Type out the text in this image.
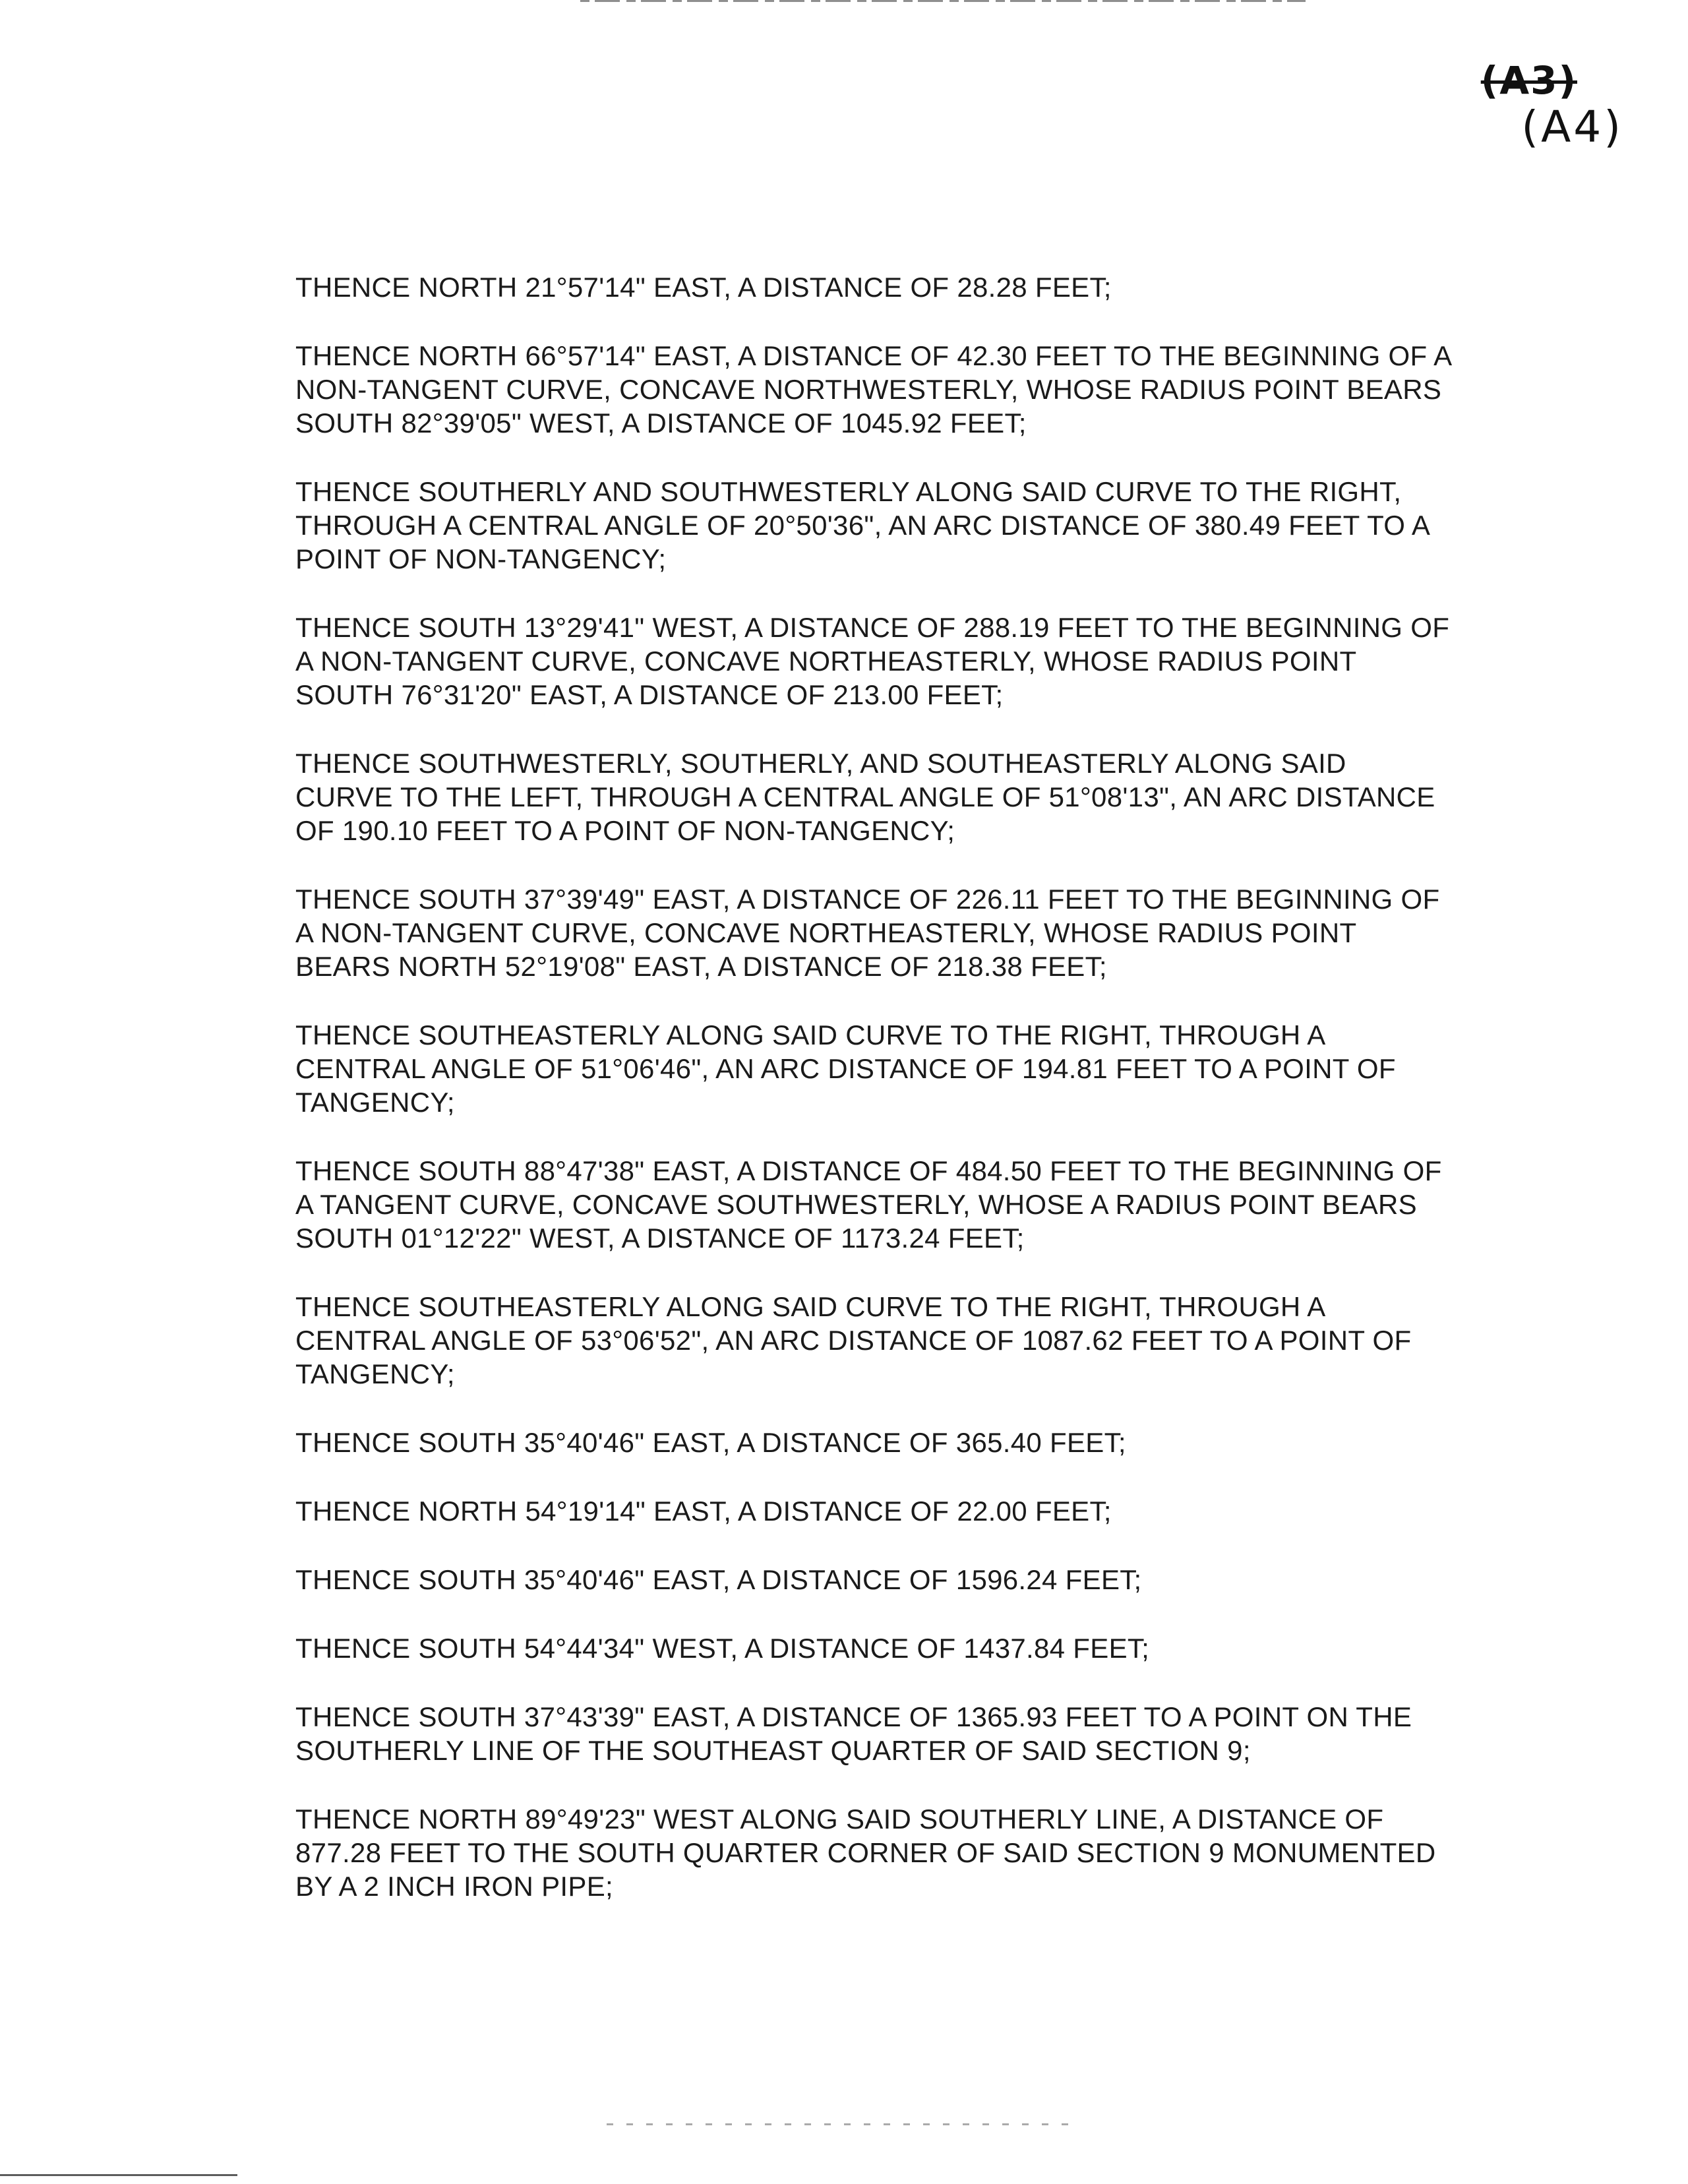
(A3)
(A4)

THENCE NORTH 21°57'14" EAST, A DISTANCE OF 28.28 FEET;

THENCE NORTH 66°57'14" EAST, A DISTANCE OF 42.30 FEET TO THE BEGINNING OF A
NON-TANGENT CURVE, CONCAVE NORTHWESTERLY, WHOSE RADIUS POINT BEARS
SOUTH 82°39'05" WEST, A DISTANCE OF 1045.92 FEET;

THENCE SOUTHERLY AND SOUTHWESTERLY ALONG SAID CURVE TO THE RIGHT,
THROUGH A CENTRAL ANGLE OF 20°50'36", AN ARC DISTANCE OF 380.49 FEET TO A
POINT OF NON-TANGENCY;

THENCE SOUTH 13°29'41" WEST, A DISTANCE OF 288.19 FEET TO THE BEGINNING OF
A NON-TANGENT CURVE, CONCAVE NORTHEASTERLY, WHOSE RADIUS POINT
SOUTH 76°31'20" EAST, A DISTANCE OF 213.00 FEET;

THENCE SOUTHWESTERLY, SOUTHERLY, AND SOUTHEASTERLY ALONG SAID
CURVE TO THE LEFT, THROUGH A CENTRAL ANGLE OF 51°08'13", AN ARC DISTANCE
OF 190.10 FEET TO A POINT OF NON-TANGENCY;

THENCE SOUTH 37°39'49" EAST, A DISTANCE OF 226.11 FEET TO THE BEGINNING OF
A NON-TANGENT CURVE, CONCAVE NORTHEASTERLY, WHOSE RADIUS POINT
BEARS NORTH 52°19'08" EAST, A DISTANCE OF 218.38 FEET;

THENCE SOUTHEASTERLY ALONG SAID CURVE TO THE RIGHT, THROUGH A
CENTRAL ANGLE OF 51°06'46", AN ARC DISTANCE OF 194.81 FEET TO A POINT OF
TANGENCY;

THENCE SOUTH 88°47'38" EAST, A DISTANCE OF 484.50 FEET TO THE BEGINNING OF
A TANGENT CURVE, CONCAVE SOUTHWESTERLY, WHOSE A RADIUS POINT BEARS
SOUTH 01°12'22" WEST, A DISTANCE OF 1173.24 FEET;

THENCE SOUTHEASTERLY ALONG SAID CURVE TO THE RIGHT, THROUGH A
CENTRAL ANGLE OF 53°06'52", AN ARC DISTANCE OF 1087.62 FEET TO A POINT OF
TANGENCY;

THENCE SOUTH 35°40'46" EAST, A DISTANCE OF 365.40 FEET;

THENCE NORTH 54°19'14" EAST, A DISTANCE OF 22.00 FEET;

THENCE SOUTH 35°40'46" EAST, A DISTANCE OF 1596.24 FEET;

THENCE SOUTH 54°44'34" WEST, A DISTANCE OF 1437.84 FEET;

THENCE SOUTH 37°43'39" EAST, A DISTANCE OF 1365.93 FEET TO A POINT ON THE
SOUTHERLY LINE OF THE SOUTHEAST QUARTER OF SAID SECTION 9;

THENCE NORTH 89°49'23" WEST ALONG SAID SOUTHERLY LINE, A DISTANCE OF
877.28 FEET TO THE SOUTH QUARTER CORNER OF SAID SECTION 9 MONUMENTED
BY A 2 INCH IRON PIPE;
